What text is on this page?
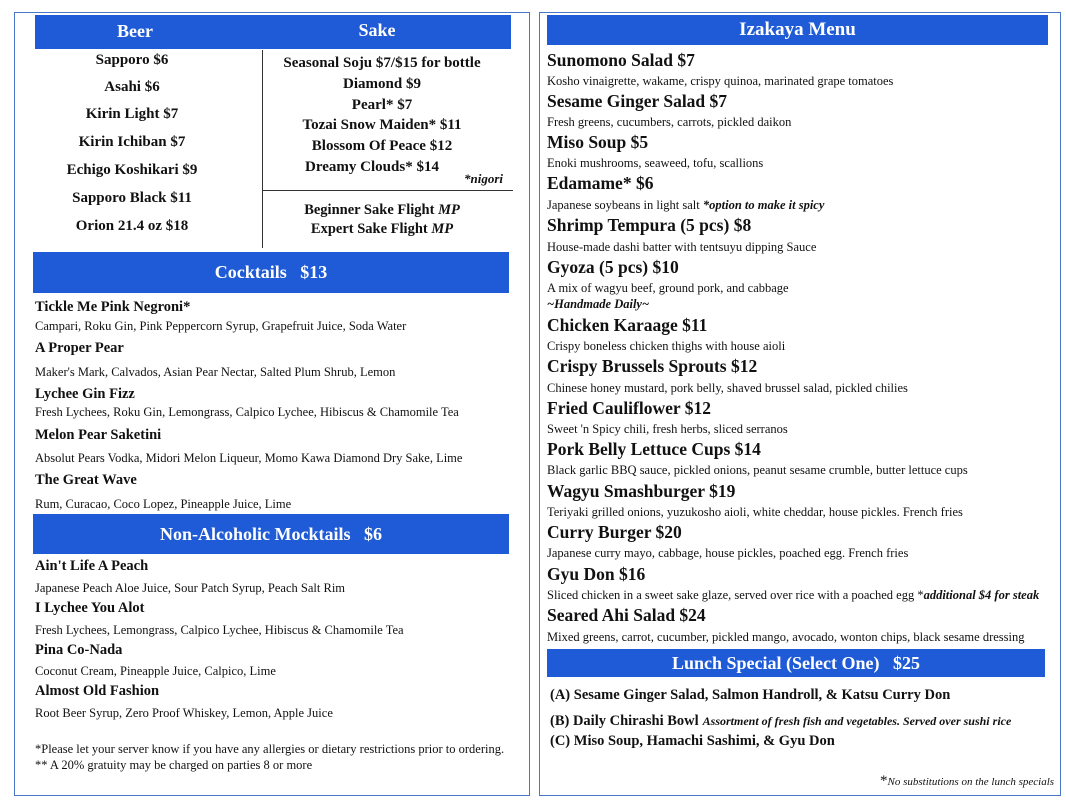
Beer	Sake
Sapporo $6
Asahi $6
Kirin Light $7
Kirin Ichiban $7
Echigo Koshikari $9
Sapporo Black $11
Orion 21.4 oz $18
Seasonal Soju $7/$15 for bottle
Diamond $9
Pearl* $7
Tozai Snow Maiden* $11
Blossom Of Peace $12
Dreamy Clouds* $14
*nigori
Beginner Sake Flight MP
Expert Sake Flight MP
Cocktails   $13
Tickle Me Pink Negroni*
Campari, Roku Gin, Pink Peppercorn Syrup, Grapefruit Juice, Soda Water
A Proper Pear
Maker's Mark, Calvados, Asian Pear Nectar, Salted Plum Shrub, Lemon
Lychee Gin Fizz
Fresh Lychees, Roku Gin, Lemongrass, Calpico Lychee, Hibiscus & Chamomile Tea
Melon Pear Saketini
Absolut Pears Vodka, Midori Melon Liqueur, Momo Kawa Diamond Dry Sake, Lime
The Great Wave
Rum, Curacao, Coco Lopez, Pineapple Juice, Lime
Non-Alcoholic Mocktails   $6
Ain't Life A Peach
Japanese Peach Aloe Juice, Sour Patch Syrup, Peach Salt Rim
I Lychee You Alot
Fresh Lychees, Lemongrass, Calpico Lychee, Hibiscus & Chamomile Tea
Pina Co-Nada
Coconut Cream, Pineapple Juice, Calpico, Lime
Almost Old Fashion
Root Beer Syrup, Zero Proof Whiskey, Lemon, Apple Juice
*Please let your server know if you have any allergies or dietary restrictions prior to ordering.
** A 20% gratuity may be charged on parties 8 or more
Izakaya Menu
Sunomono Salad $7
Kosho vinaigrette, wakame, crispy quinoa, marinated grape tomatoes
Sesame Ginger Salad $7
Fresh greens, cucumbers, carrots, pickled daikon
Miso Soup $5
Enoki mushrooms, seaweed, tofu, scallions
Edamame* $6
Japanese soybeans in light salt *option to make it spicy
Shrimp Tempura (5 pcs) $8
House-made dashi batter with tentsuyu dipping Sauce
Gyoza (5 pcs) $10
A mix of wagyu beef, ground pork, and cabbage
~Handmade Daily~
Chicken Karaage $11
Crispy boneless chicken thighs with house aioli
Crispy Brussels Sprouts $12
Chinese honey mustard, pork belly, shaved brussel salad, pickled chilies
Fried Cauliflower $12
Sweet 'n Spicy chili, fresh herbs, sliced serranos
Pork Belly Lettuce Cups $14
Black garlic BBQ sauce, pickled onions, peanut sesame crumble, butter lettuce cups
Wagyu Smashburger $19
Teriyaki grilled onions, yuzukosho aioli, white cheddar, house pickles. French fries
Curry Burger $20
Japanese curry mayo, cabbage, house pickles, poached egg. French fries
Gyu Don $16
Sliced chicken in a sweet sake glaze, served over rice with a poached egg *additional $4 for steak
Seared Ahi Salad $24
Mixed greens, carrot, cucumber, pickled mango, avocado, wonton chips, black sesame dressing
Lunch Special (Select One)   $25
(A) Sesame Ginger Salad, Salmon Handroll, & Katsu Curry Don
(B) Daily Chirashi Bowl Assortment of fresh fish and vegetables. Served over sushi rice
(C) Miso Soup, Hamachi Sashimi, & Gyu Don
*No substitutions on the lunch specials
